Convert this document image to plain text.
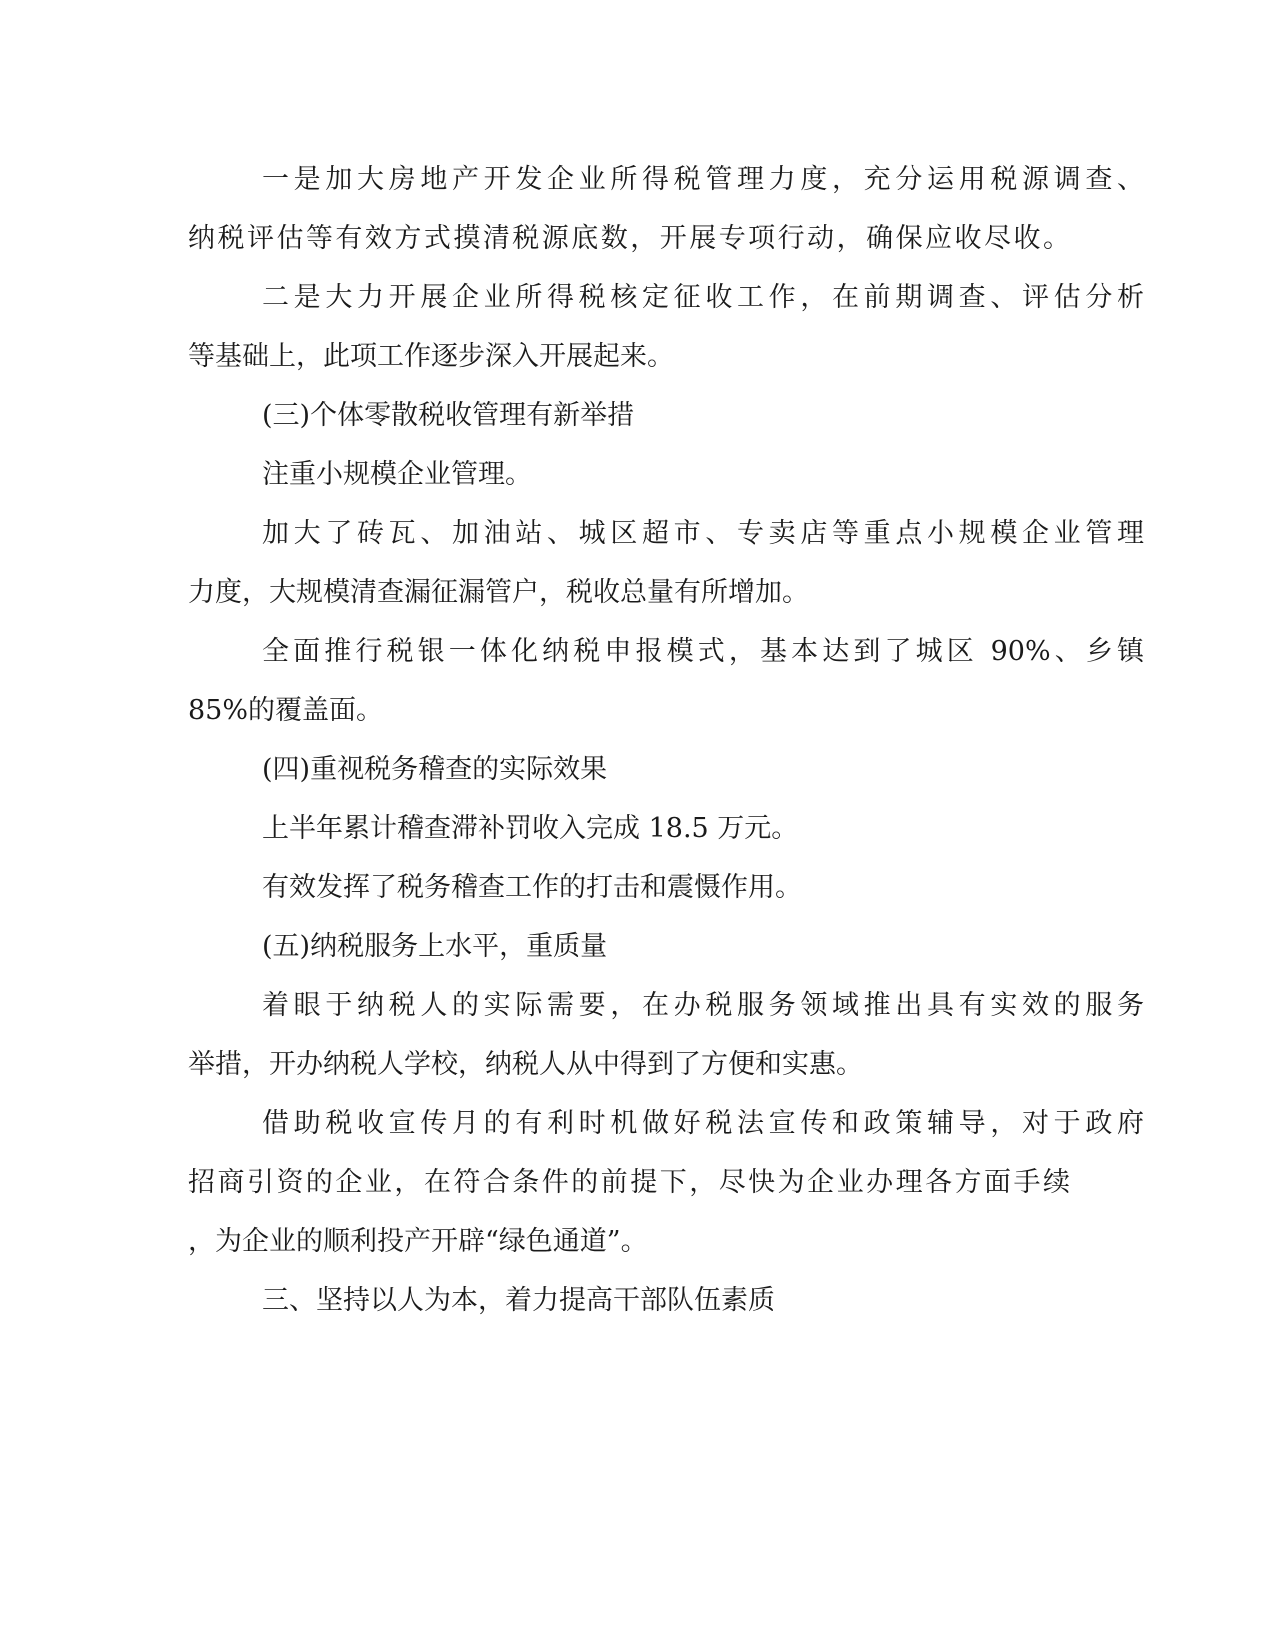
一是加大房地产开发企业所得税管理力度，充分运用税源调查、
纳税评估等有效方式摸清税源底数，开展专项行动，确保应收尽收。
二是大力开展企业所得税核定征收工作，在前期调查、评估分析
等基础上，此项工作逐步深入开展起来。
(三)个体零散税收管理有新举措
注重小规模企业管理。
加大了砖瓦、加油站、城区超市、专卖店等重点小规模企业管理
力度，大规模清查漏征漏管户，税收总量有所增加。
全面推行税银一体化纳税申报模式，基本达到了城区 90%、乡镇
85%的覆盖面。
(四)重视税务稽查的实际效果
上半年累计稽查滞补罚收入完成 18.5 万元。
有效发挥了税务稽查工作的打击和震慑作用。
(五)纳税服务上水平，重质量
着眼于纳税人的实际需要，在办税服务领域推出具有实效的服务
举措，开办纳税人学校，纳税人从中得到了方便和实惠。
借助税收宣传月的有利时机做好税法宣传和政策辅导，对于政府
招商引资的企业，在符合条件的前提下，尽快为企业办理各方面手续
，为企业的顺利投产开辟“绿色通道”。
三、坚持以人为本，着力提高干部队伍素质
